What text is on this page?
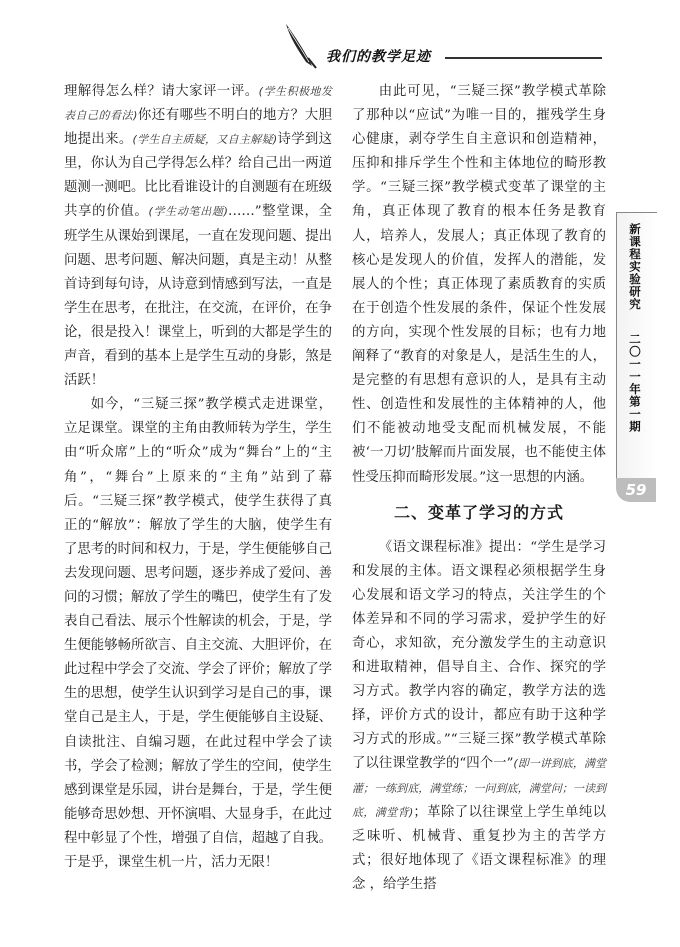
我们的教学足迹

理解得怎么样？请大家评一评。(学生积极地发表自己的看法)你还有哪些不明白的地方？大胆地提出来。(学生自主质疑，又自主解疑)诗学到这里，你认为自己学得怎么样？给自己出一两道题测一测吧。比比看谁设计的自测题有在班级共享的价值。(学生动笔出题)……”整堂课，全班学生从课始到课尾，一直在发现问题、提出问题、思考问题、解决问题，真是主动！从整首诗到每句诗，从诗意到情感到写法，一直是学生在思考，在批注，在交流，在评价，在争论，很是投入！课堂上，听到的大都是学生的声音，看到的基本上是学生互动的身影，煞是活跃！

如今，“三疑三探”教学模式走进课堂，立足课堂。课堂的主角由教师转为学生，学生由“听众席”上的“听众”成为“舞台”上的“主角”，“舞台”上原来的“主角”站到了幕后。“三疑三探”教学模式，使学生获得了真正的“解放”：解放了学生的大脑，使学生有了思考的时间和权力，于是，学生便能够自己去发现问题、思考问题，逐步养成了爱问、善问的习惯；解放了学生的嘴巴，使学生有了发表自己看法、展示个性解读的机会，于是，学生便能够畅所欲言、自主交流、大胆评价，在此过程中学会了交流、学会了评价；解放了学生的思想，使学生认识到学习是自己的事，课堂自己是主人，于是，学生便能够自主设疑、自读批注、自编习题，在此过程中学会了读书，学会了检测；解放了学生的空间，使学生感到课堂是乐园，讲台是舞台，于是，学生便能够奇思妙想、开怀演唱、大显身手，在此过程中彰显了个性，增强了自信，超越了自我。于是乎，课堂生机一片，活力无限！

由此可见，“三疑三探”教学模式革除了那种以“应试”为唯一目的，摧残学生身心健康，剥夺学生自主意识和创造精神，压抑和排斥学生个性和主体地位的畸形教学。“三疑三探”教学模式变革了课堂的主角，真正体现了教育的根本任务是教育人，培养人，发展人；真正体现了教育的核心是发现人的价值，发挥人的潜能，发展人的个性；真正体现了素质教育的实质在于创造个性发展的条件，保证个性发展的方向，实现个性发展的目标；也有力地阐释了“教育的对象是人，是活生生的人，是完整的有思想有意识的人，是具有主动性、创造性和发展性的主体精神的人，他们不能被动地受支配而机械发展，不能被‘一刀切’肢解而片面发展，也不能使主体性受压抑而畸形发展。”这一思想的内涵。

二、变革了学习的方式

《语文课程标准》提出：“学生是学习和发展的主体。语文课程必须根据学生身心发展和语文学习的特点，关注学生的个体差异和不同的学习需求，爱护学生的好奇心，求知欲，充分激发学生的主动意识和进取精神，倡导自主、合作、探究的学习方式。教学内容的确定，教学方法的选择，评价方式的设计，都应有助于这种学习方式的形成。”“三疑三探”教学模式革除了以往课堂教学的“四个一”(即一讲到底，满堂灌；一练到底，满堂练；一问到底，满堂问；一读到底，满堂背)；革除了以往课堂上学生单纯以乏味听、机械背、重复抄为主的苦学方式；很好地体现了《语文课程标准》的理念 ，给学生搭

新课程实验研究
二〇一一年第一期
59
